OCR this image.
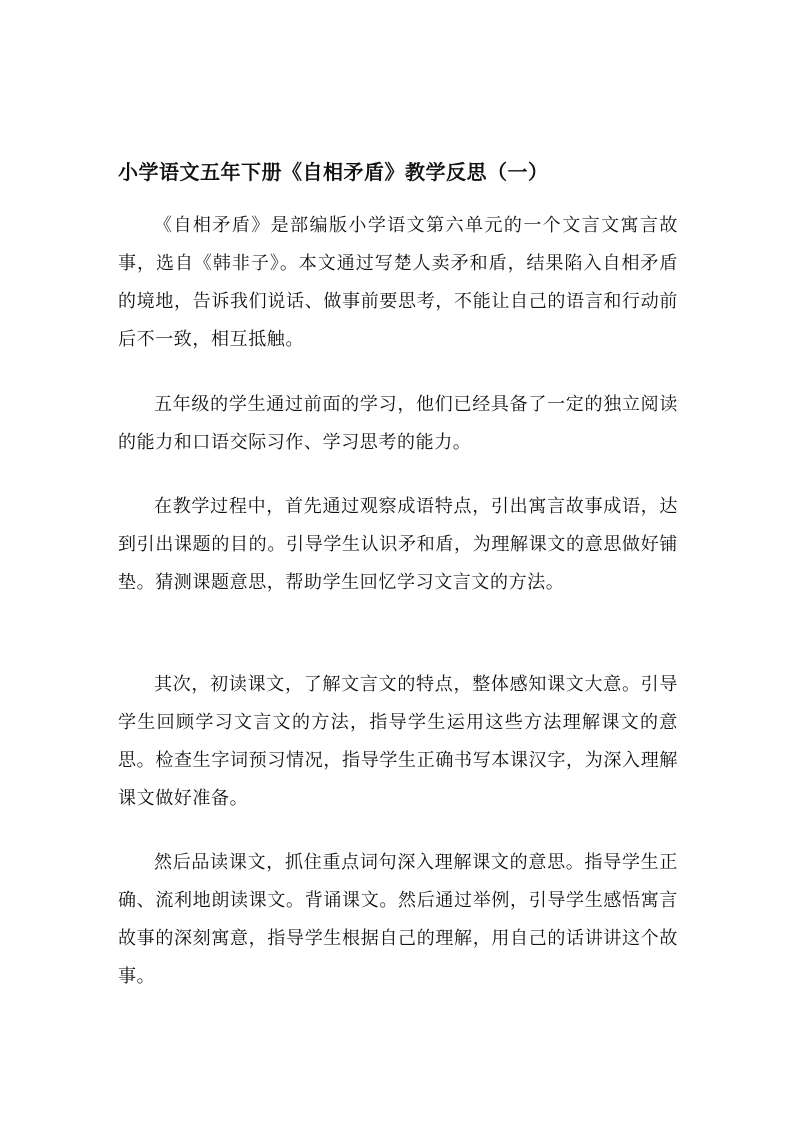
小学语文五年下册《自相矛盾》教学反思（一）

《自相矛盾》是部编版小学语文第六单元的一个文言文寓言故事，选自《韩非子》。本文通过写楚人卖矛和盾，结果陷入自相矛盾的境地，告诉我们说话、做事前要思考，不能让自己的语言和行动前后不一致，相互抵触。

五年级的学生通过前面的学习，他们已经具备了一定的独立阅读的能力和口语交际习作、学习思考的能力。

在教学过程中，首先通过观察成语特点，引出寓言故事成语，达到引出课题的目的。引导学生认识矛和盾，为理解课文的意思做好铺垫。猜测课题意思，帮助学生回忆学习文言文的方法。

其次，初读课文，了解文言文的特点，整体感知课文大意。引导学生回顾学习文言文的方法，指导学生运用这些方法理解课文的意思。检查生字词预习情况，指导学生正确书写本课汉字，为深入理解课文做好准备。

然后品读课文，抓住重点词句深入理解课文的意思。指导学生正确、流利地朗读课文。背诵课文。然后通过举例，引导学生感悟寓言故事的深刻寓意，指导学生根据自己的理解，用自己的话讲讲这个故事。
